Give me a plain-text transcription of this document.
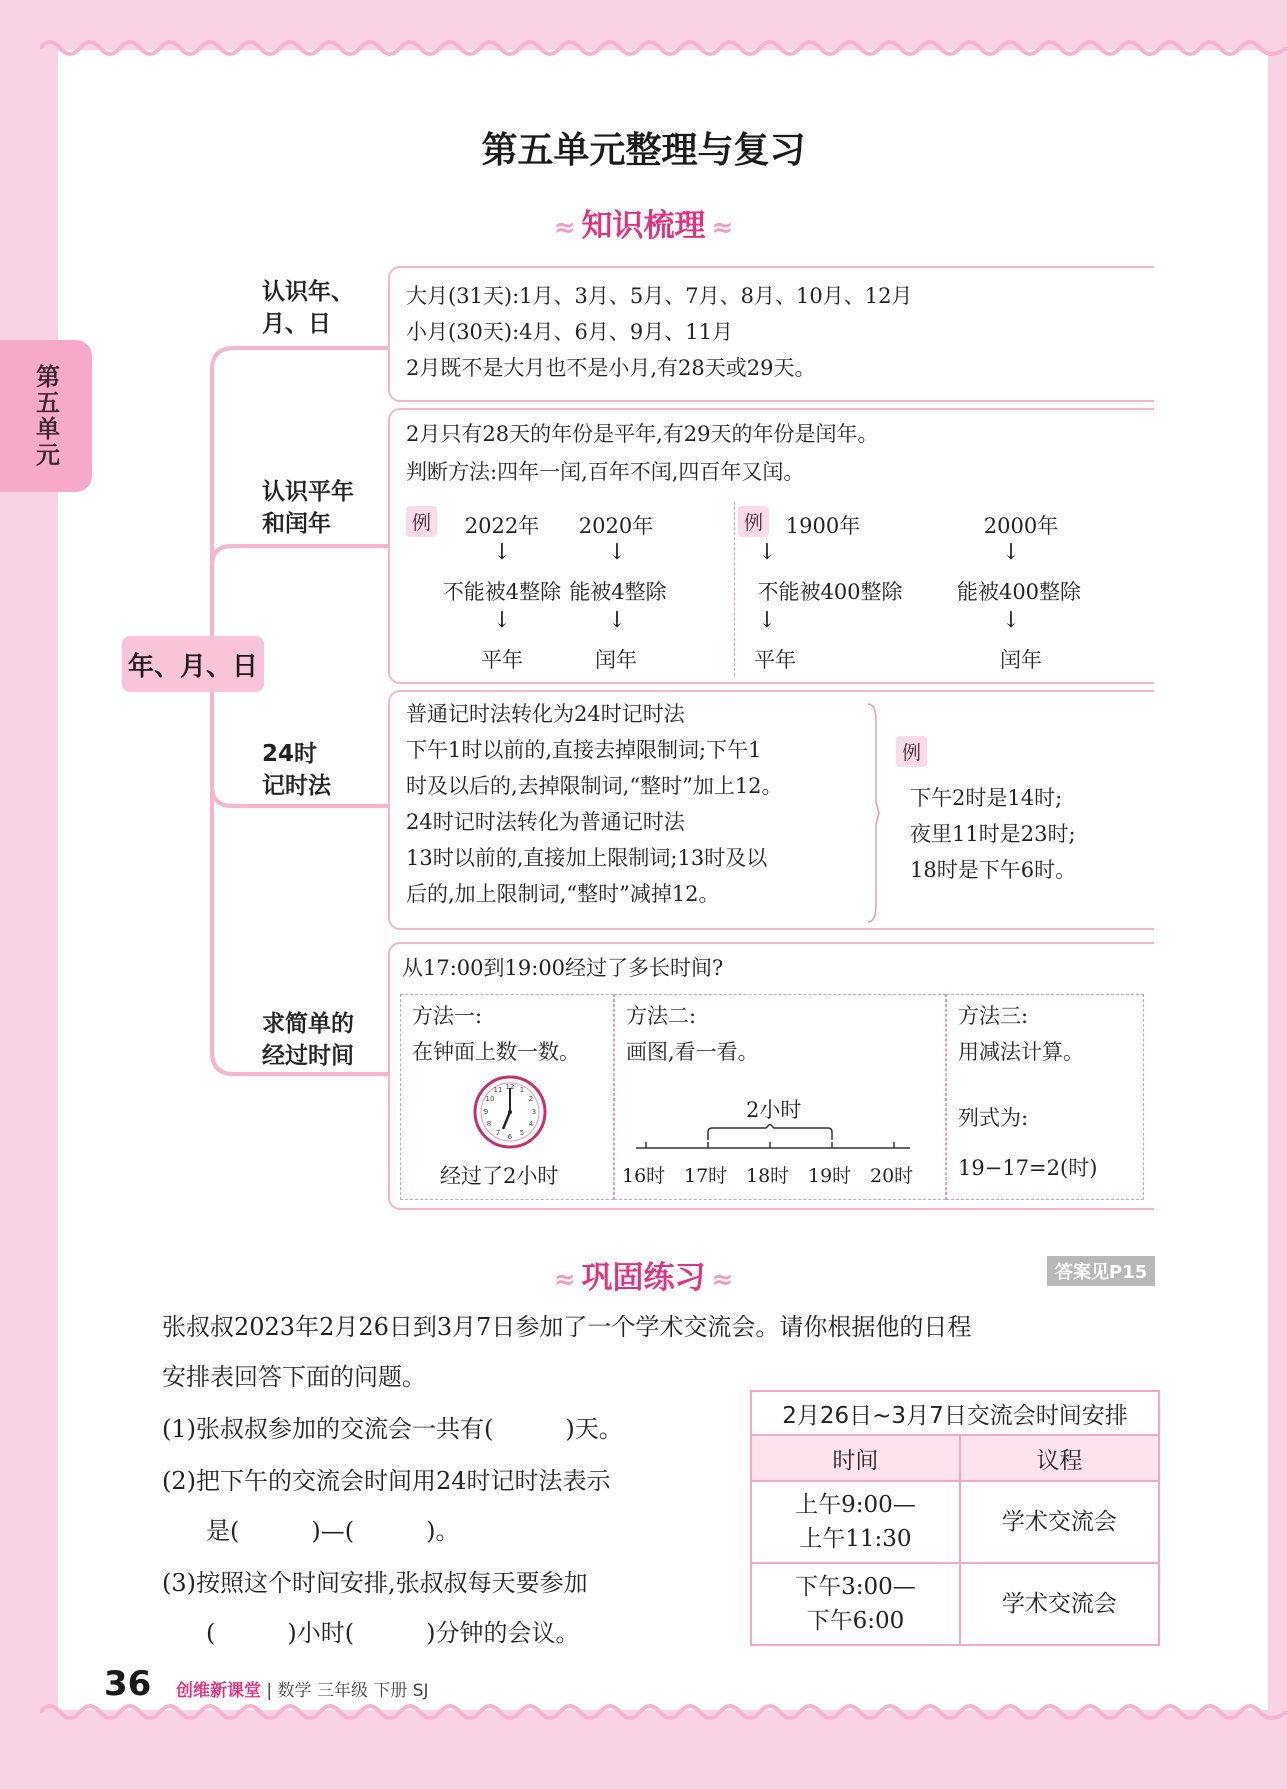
第五单元
第五单元整理与复习
≈ 知识梳理 ≈
年、月、日
认识年、
月、日
认识平年
和闰年
24时
记时法
求简单的
经过时间
大月(31天):1月、3月、5月、7月、8月、10月、12月
小月(30天):4月、6月、9月、11月
2月既不是大月也不是小月,有28天或29天。
2月只有28天的年份是平年,有29天的年份是闰年。
判断方法:四年一闰,百年不闰,四百年又闰。
例	例
2022年
↓
不能被4整除
↓
平年
2020年
↓
能被4整除
↓
闰年
1900年
↓
不能被400整除
↓
平年
2000年
↓
能被400整除
↓
闰年
普通记时法转化为24时记时法
下午1时以前的,直接去掉限制词;下午1
时及以后的,去掉限制词,“整时”加上12。
24时记时法转化为普通记时法
13时以前的,直接加上限制词;13时及以
后的,加上限制词,“整时”减掉12。
例
下午2时是14时;
夜里11时是23时;
18时是下午6时。
从17:00到19:00经过了多长时间?
方法一:
在钟面上数一数。
12 1
2
3
4
5
6
7
8
9
10
11
经过了2小时
方法二:
画图,看一看。
2小时
16时 17时 18时 19时 20时
方法三:
用减法计算。
列式为:
19−17=2(时)
≈ 巩固练习 ≈	答案见P15
张叔叔2023年2月26日到3月7日参加了一个学术交流会。请你根据他的日程
安排表回答下面的问题。
(1)张叔叔参加的交流会一共有(　　　)天。
(2)把下午的交流会时间用24时记时法表示
是(　　　)—(　　　)。
(3)按照这个时间安排,张叔叔每天要参加
(　　　)小时(　　　)分钟的会议。
2月26日~3月7日交流会时间安排	
时间	议程

上午9:00—
上午11:30	学术交流会

下午3:00—
下午6:00	学术交流会
36 创维新课堂 | 数学 三年级 下册 SJ
